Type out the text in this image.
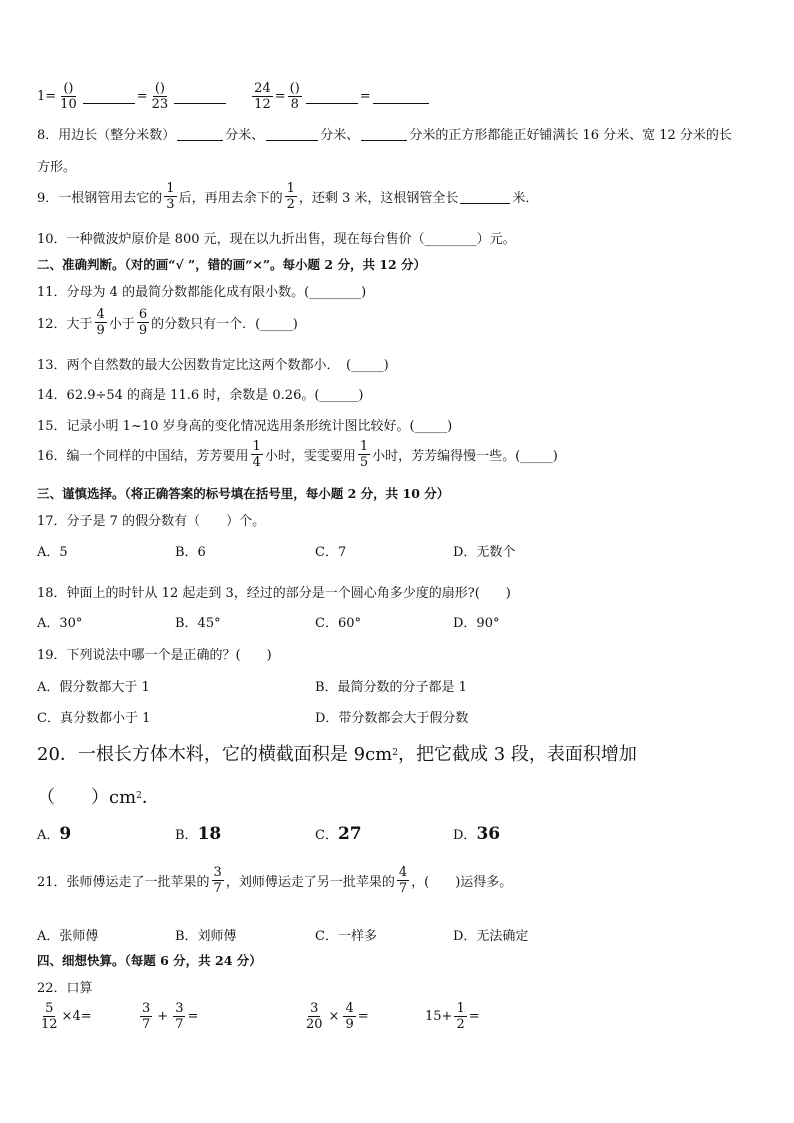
$1= \frac{()}{10}$	= $\frac{()}{23}$	$\frac{24}{12} = \frac{()}{8}$	=
8．用边长（整分米数）	分米、	分米、	分米的正方形都能正好铺满长 16 分米、宽 12 分米的长
方形。
9．一根钢管用去它的 $\frac{1}{3}$ 后，再用去余下的 $\frac{1}{2}$ ，还剩 3 米，这根钢管全长	米．
10．一种微波炉原价是 800 元，现在以九折出售，现在每台售价（________）元。
二、准确判断。（对的画“√ ”，错的画“×”。每小题 2 分，共 12 分）
11．分母为 4 的最简分数都能化成有限小数。(________)
12．大于 $\frac{4}{9}$ 小于 $\frac{6}{9}$ 的分数只有一个．(_____)
13．两个自然数的最大公因数肯定比这两个数都小．　(_____)
14．62.9÷54 的商是 11.6 时，余数是 0.26。(______)
15．记录小明 1~10 岁身高的变化情况选用条形统计图比较好。(_____)
16．编一个同样的中国结，芳芳要用 $\frac{1}{4}$ 小时，雯雯要用 $\frac{1}{5}$ 小时，芳芳编得慢一些。(_____)
三、谨慎选择。（将正确答案的标号填在括号里，每小题 2 分，共 10 分）
17．分子是 7 的假分数有（　　）个。
A．5	B．6	C．7	D．无数个
18．钟面上的时针从 12 起走到 3，经过的部分是一个圆心角多少度的扇形?(　　)
A．30°	B．45°	C．60°	D．90°
19．下列说法中哪一个是正确的？(　　)
A．假分数都大于 1	B．最简分数的分子都是 1
C．真分数都小于 1	D．带分数都会大于假分数
20．一根长方体木料，它的横截面积是 9cm 2 ，把它截成 3 段，表面积增加
（　　）cm 2 ．
A．9	B．18	C．27	D．36
21．张师傅运走了一批苹果的 $\frac{3}{7}$ ，刘师傅运走了另一批苹果的 $\frac{4}{7}$ ，(　　)运得多。
A．张师傅	B．刘师傅	C．一样多	D．无法确定
四、细想快算。（每题 6 分，共 24 分）
22．口算
$\frac{5}{12} \times 4=$	$\frac{3}{7} + \frac{3}{7}$ =	$\frac{3}{20} \times \frac{4}{9}$ =	$15+ \frac{1}{2}$ =
